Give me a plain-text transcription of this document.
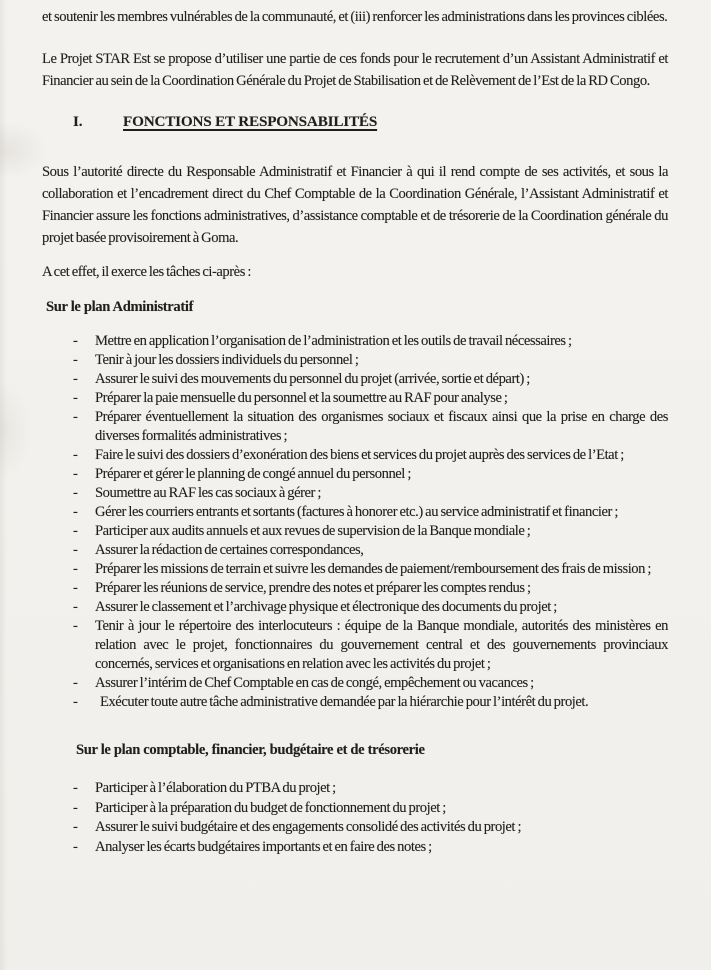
et soutenir les membres vulnérables de la communauté, et (iii) renforcer les administrations dans les provinces ciblées.

Le Projet STAR Est se propose d’utiliser une partie de ces fonds pour le recrutement d’un Assistant Administratif et Financier au sein de la Coordination Générale du Projet de Stabilisation et de Relèvement de l’Est de la RD Congo.

I.	FONCTIONS ET RESPONSABILITÉS

Sous l’autorité directe du Responsable Administratif et Financier à qui il rend compte de ses activités, et sous la collaboration et l’encadrement direct du Chef Comptable de la Coordination Générale, l’Assistant Administratif et Financier assure les fonctions administratives, d’assistance comptable et de trésorerie de la Coordination générale du projet basée provisoirement à Goma.

A cet effet, il exerce les tâches ci-après :

Sur le plan Administratif
-	Mettre en application l’organisation de l’administration et les outils de travail nécessaires ;
-	Tenir à jour les dossiers individuels du personnel ;
-	Assurer le suivi des mouvements du personnel du projet (arrivée, sortie et départ) ;
-	Préparer la paie mensuelle du personnel et la soumettre au RAF pour analyse ;
-	Préparer éventuellement la situation des organismes sociaux et fiscaux ainsi que la prise en charge des diverses formalités administratives ;
-	Faire le suivi des dossiers d’exonération des biens et services du projet auprès des services de l’Etat ;
-	Préparer et gérer le planning de congé annuel du personnel ;
-	Soumettre au RAF les cas sociaux à gérer ;
-	Gérer les courriers entrants et sortants (factures à honorer etc.) au service administratif et financier ;
-	Participer aux audits annuels et aux revues de supervision de la Banque mondiale ;
-	Assurer la rédaction de certaines correspondances,
-	Préparer les missions de terrain et suivre les demandes de paiement/remboursement des frais de mission ;
-	Préparer les réunions de service, prendre des notes et préparer les comptes rendus ;
-	Assurer le classement et l’archivage physique et électronique des documents du projet ;
-	Tenir à jour le répertoire des interlocuteurs : équipe de la Banque mondiale, autorités des ministères en relation avec le projet, fonctionnaires du gouvernement central et des gouvernements provinciaux concernés, services et organisations en relation avec les activités du projet ;
-	Assurer l’intérim de Chef Comptable en cas de congé, empêchement ou vacances ;
-	Exécuter toute autre tâche administrative demandée par la hiérarchie pour l’intérêt du projet.
Sur le plan comptable, financier, budgétaire et de trésorerie
-	Participer à l’élaboration du PTBA du projet ;
-	Participer à la préparation du budget de fonctionnement du projet ;
-	Assurer le suivi budgétaire et des engagements consolidé des activités du projet ;
-	Analyser les écarts budgétaires importants et en faire des notes ;
